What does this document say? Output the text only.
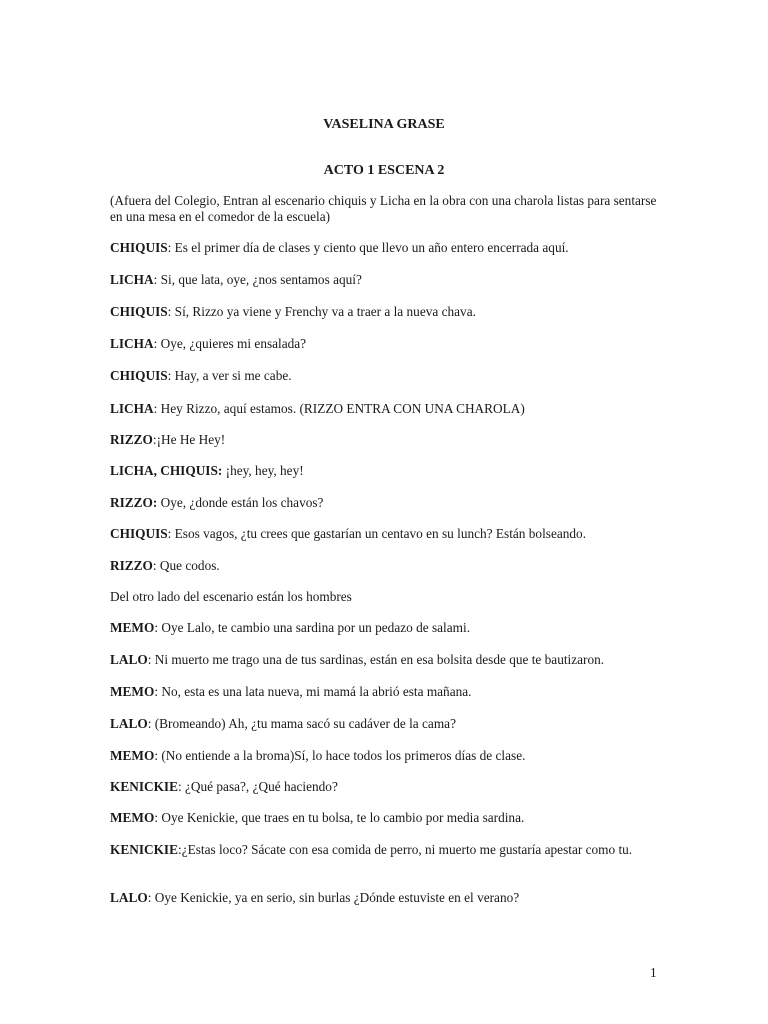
VASELINA GRASE
ACTO 1 ESCENA 2
(Afuera del Colegio, Entran al escenario chiquis y Licha en la obra con una charola listas para sentarse en una mesa en el comedor de la escuela)
CHIQUIS: Es el primer día de clases y ciento que llevo un año entero encerrada aquí.
LICHA: Si, que lata, oye, ¿nos sentamos aquí?
CHIQUIS: Sí, Rizzo ya viene y Frenchy va a traer a la nueva chava.
LICHA: Oye, ¿quieres mi ensalada?
CHIQUIS: Hay, a ver si me cabe.
LICHA: Hey Rizzo, aquí estamos. (RIZZO ENTRA CON UNA CHAROLA)
RIZZO:¡He He Hey!
LICHA, CHIQUIS: ¡hey, hey, hey!
RIZZO: Oye, ¿donde están los chavos?
CHIQUIS: Esos vagos, ¿tu crees que gastarían un centavo en su lunch? Están bolseando.
RIZZO: Que codos.
Del otro lado del escenario están los hombres
MEMO: Oye Lalo, te cambio una sardina por un pedazo de salami.
LALO: Ni muerto me trago una de tus sardinas, están en esa bolsita desde que te bautizaron.
MEMO: No, esta es una lata nueva, mi mamá la abrió esta mañana.
LALO: (Bromeando) Ah, ¿tu mama sacó su cadáver de la cama?
MEMO: (No entiende a la broma)Sí, lo hace todos los primeros días de clase.
KENICKIE: ¿Qué pasa?, ¿Qué haciendo?
MEMO: Oye Kenickie, que traes en tu bolsa, te lo cambio por media sardina.
KENICKIE:¿Estas loco? Sácate con esa comida de perro, ni muerto me gustaría apestar como tu.
LALO: Oye Kenickie, ya en serio, sin burlas ¿Dónde estuviste en el verano?
1
